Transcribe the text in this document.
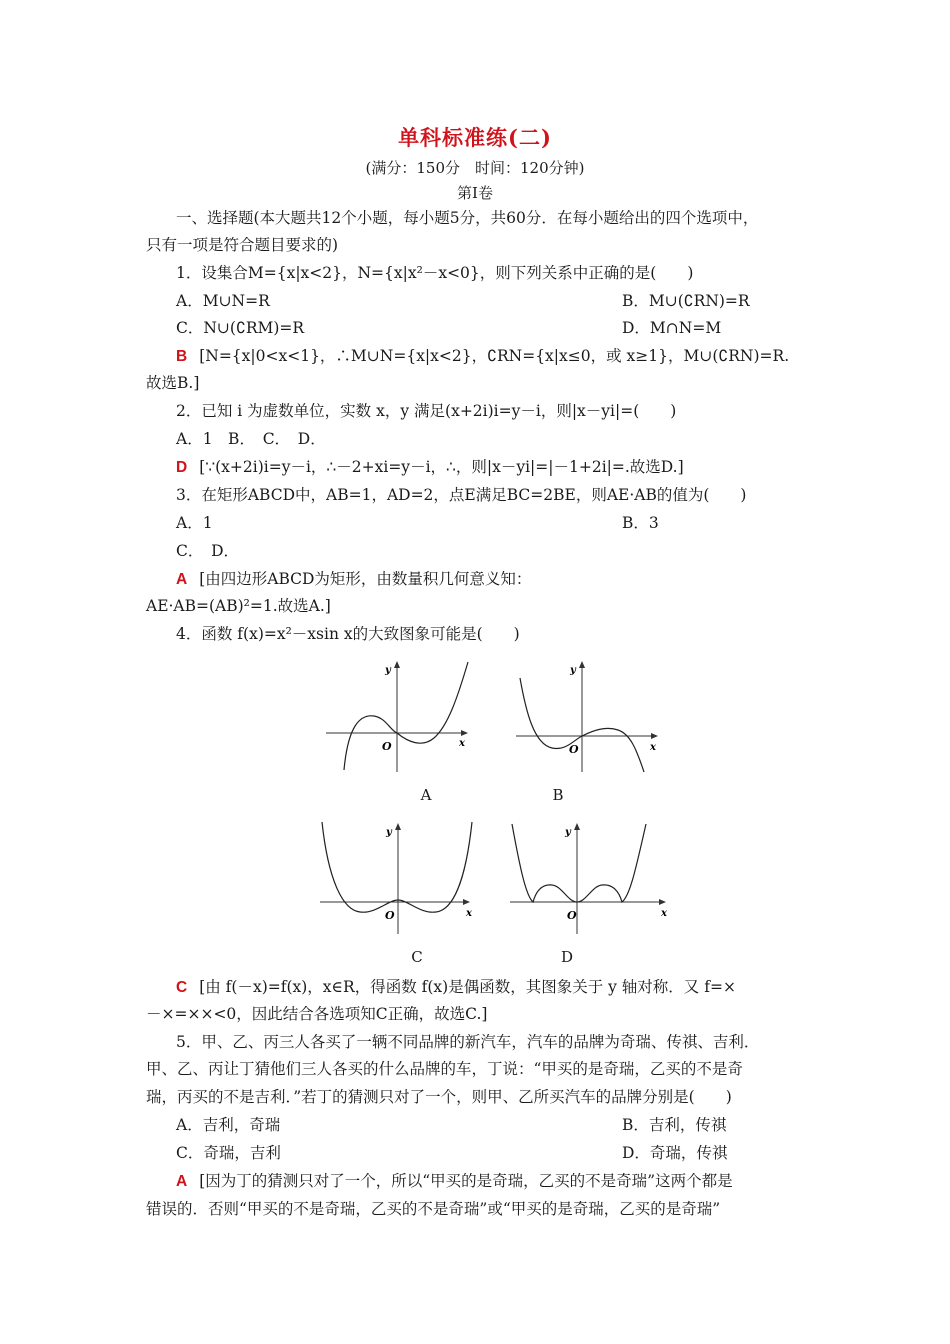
单科标准练(二)
(满分：150分　时间：120分钟)
第Ⅰ卷
一、选择题(本大题共12个小题，每小题5分，共60分．在每小题给出的四个选项中，
只有一项是符合题目要求的)
1．设集合M={x|x<2}，N={x|x²－x<0}，则下列关系中正确的是(　　)
A．M∪N=R	B．M∪(∁RN)=R
C．N∪(∁RM)=R	D．M∩N=M
B [N={x|0<x<1}，∴M∪N={x|x<2}，∁RN={x|x≤0，或 x≥1}，M∪(∁RN)=R.
故选B.]
2．已知 i 为虚数单位，实数 x，y 满足(x+2i)i=y－i，则|x－yi|=(　　)
A．1　B．　C．　D．
D [∵(x+2i)i=y－i，∴－2+xi=y－i，∴，则|x－yi|=|－1+2i|=.故选D.]
3．在矩形ABCD中，AB=1，AD=2，点E满足BC=2BE，则AE·AB的值为(　　)
A．1	B．3
C．　D．
A [由四边形ABCD为矩形，由数量积几何意义知：
AE·AB=(AB)²=1.故选A.]
4．函数 f(x)=x²－xsin x的大致图象可能是(　　)
y
x
O
A
y
x
O
B
y
x
O
C
y
x
O
D
C [由 f(－x)=f(x)，x∈R，得函数 f(x)是偶函数，其图象关于 y 轴对称．又 f=×
－×=××<0，因此结合各选项知C正确，故选C.]
5．甲、乙、丙三人各买了一辆不同品牌的新汽车，汽车的品牌为奇瑞、传祺、吉利．
甲、乙、丙让丁猜他们三人各买的什么品牌的车，丁说：“甲买的是奇瑞，乙买的不是奇
瑞，丙买的不是吉利．”若丁的猜测只对了一个，则甲、乙所买汽车的品牌分别是(　　)
A．吉利，奇瑞	B．吉利，传祺
C．奇瑞，吉利	D．奇瑞，传祺
A [因为丁的猜测只对了一个，所以“甲买的是奇瑞，乙买的不是奇瑞”这两个都是
错误的．否则“甲买的不是奇瑞，乙买的不是奇瑞”或“甲买的是奇瑞，乙买的是奇瑞”
